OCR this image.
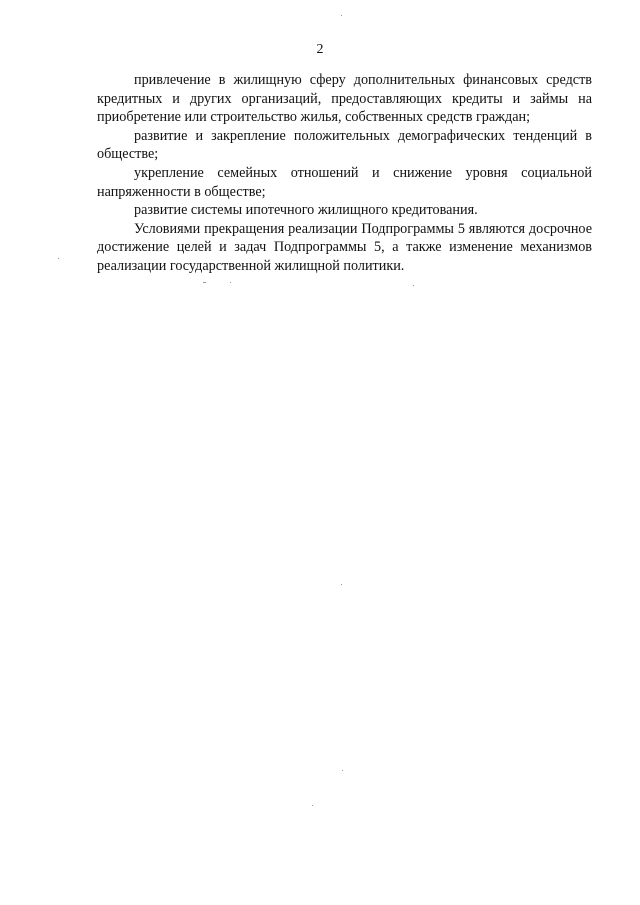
2

привлечение в жилищную сферу дополнительных финансовых средств кредитных и других организаций, предоставляющих кредиты и займы на приобретение или строительство жилья, собственных средств граждан;

развитие и закрепление положительных демографических тенденций в обществе;

укрепление семейных отношений и снижение уровня социальной напряженности в обществе;

развитие системы ипотечного жилищного кредитования.

Условиями прекращения реализации Подпрограммы 5 являются досрочное достижение целей и задач Подпрограммы 5, а также изменение механизмов реализации государственной жилищной политики.
